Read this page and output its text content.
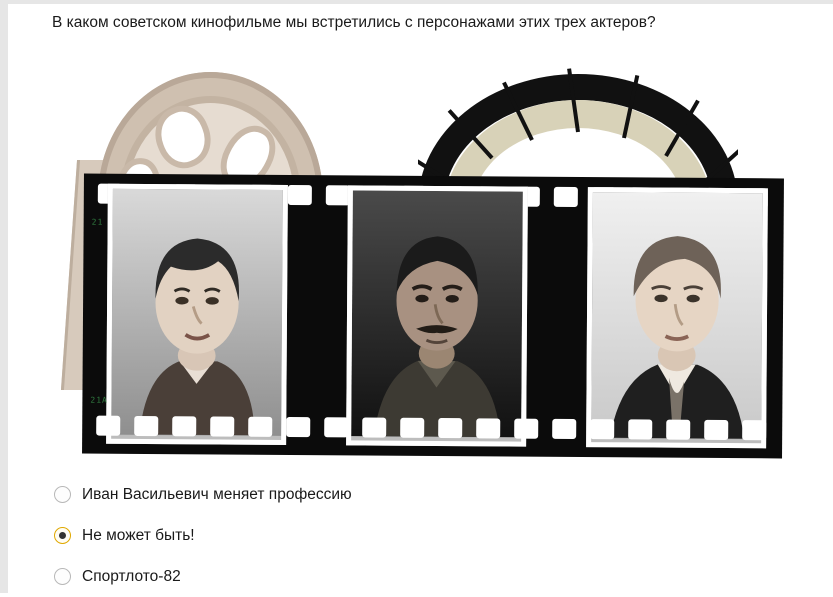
В каком советском кинофильме мы встретились с персонажами этих трех актеров?
21
21A
Иван Васильевич меняет профессию
Не может быть!
Спортлото-82
